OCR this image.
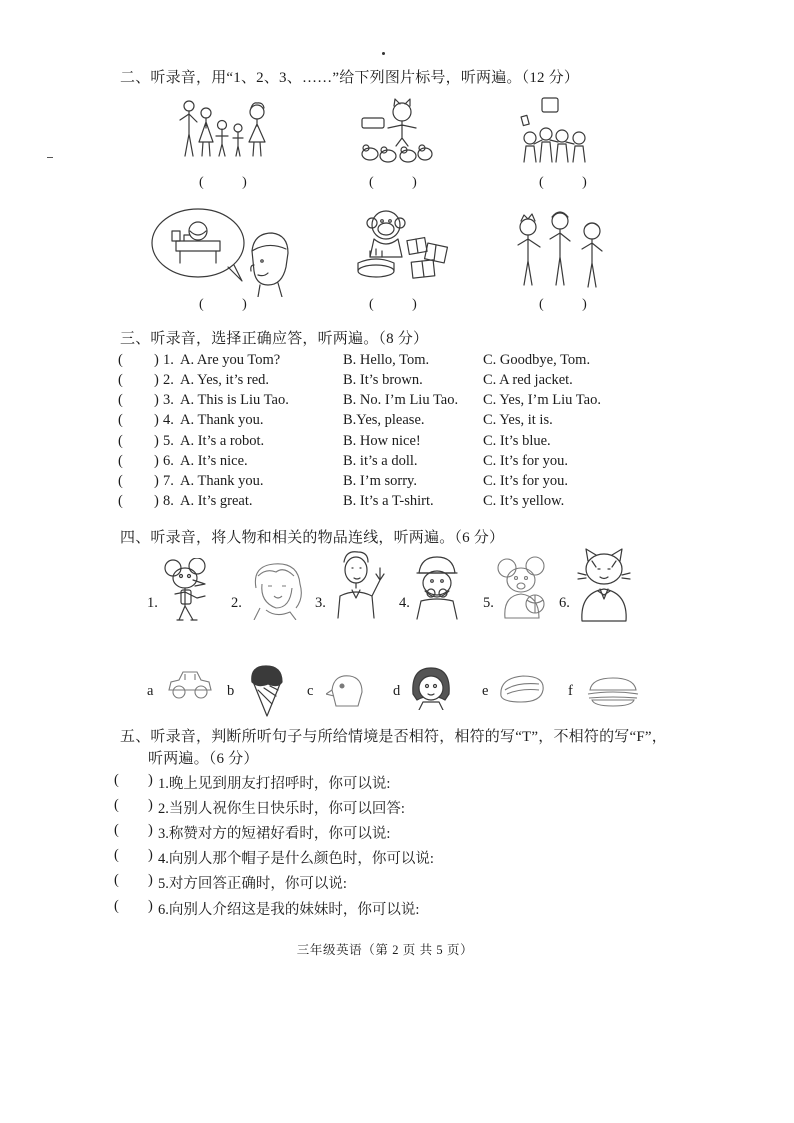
二、听录音，用“1、2、3、……”给下列图片标号，听两遍。（12 分）
(           )	(           )	(           )
(           )	(           )	(           )
三、听录音，选择正确应答，听两遍。（8 分）
( ) 1. A. Are you Tom?	B. Hello, Tom.	C. Goodbye, Tom.
( ) 2. A. Yes, it’s red.	B. It’s brown.	C. A red jacket.
( ) 3. A. This is Liu Tao.	B. No. I’m Liu Tao. C. Yes, I’m Liu Tao.
( ) 4. A. Thank you.	B.Yes, please.	C. Yes, it is.
( ) 5. A. It’s a robot.	B. How nice!	C. It’s blue.
( ) 6. A. It’s nice.	B. it’s a doll.	C. It’s for you.
( ) 7. A. Thank you.	B. I’m sorry.	C. It’s for you.
( ) 8. A. It’s great.	B. It’s a T-shirt.	C. It’s yellow.
四、听录音，将人物和相关的物品连线，听两遍。（6 分）
1.	2.	3.	4.	5.	6.
a	b	c	d	e	f
五、听录音，判断所听句子与所给情境是否相符，相符的写“T”，不相符的写“F”，
听两遍。（6 分）
( ) 1.晚上见到朋友打招呼时，你可以说:
( ) 2.当别人祝你生日快乐时，你可以回答:
( ) 3.称赞对方的短裙好看时，你可以说:
( ) 4.向别人那个帽子是什么颜色时，你可以说:
( ) 5.对方回答正确时，你可以说:
( ) 6.向别人介绍这是我的妹妹时，你可以说:
三年级英语（第 2 页 共 5 页）
